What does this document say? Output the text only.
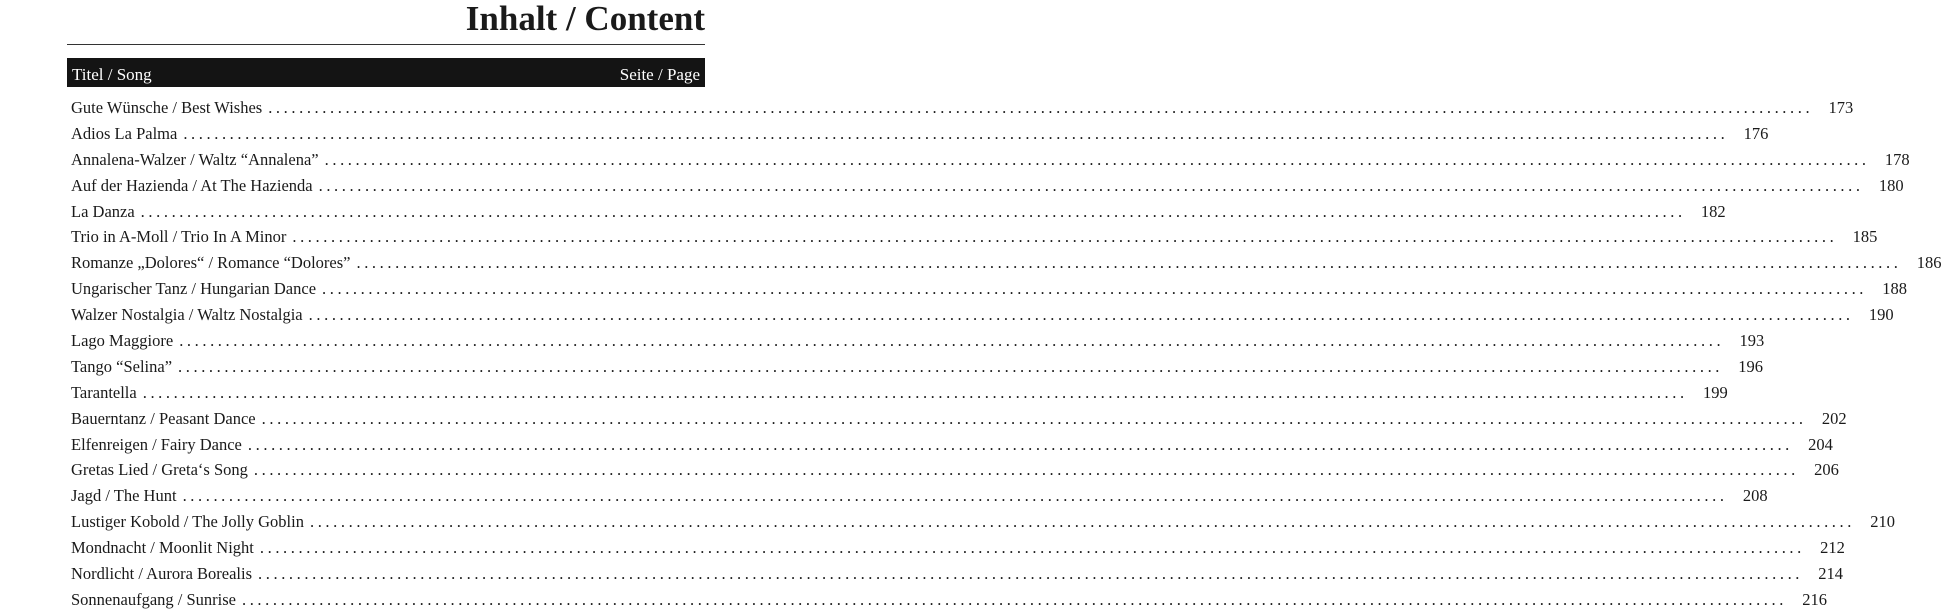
Inhalt / Content
Titel / Song	Seite / Page
Gute Wünsche / Best Wishes ........................................................................................................................................................................................................ 173
Adios La Palma ........................................................................................................................................................................................................ 176
Annalena-Walzer / Waltz “Annalena” ........................................................................................................................................................................................................ 178
Auf der Hazienda / At The Hazienda ........................................................................................................................................................................................................ 180
La Danza ........................................................................................................................................................................................................ 182
Trio in A-Moll / Trio In A Minor ........................................................................................................................................................................................................ 185
Romanze „Dolores“ / Romance “Dolores” ........................................................................................................................................................................................................ 186
Ungarischer Tanz / Hungarian Dance ........................................................................................................................................................................................................ 188
Walzer Nostalgia / Waltz Nostalgia ........................................................................................................................................................................................................ 190
Lago Maggiore ........................................................................................................................................................................................................ 193
Tango “Selina” ........................................................................................................................................................................................................ 196
Tarantella ........................................................................................................................................................................................................ 199
Bauerntanz / Peasant Dance ........................................................................................................................................................................................................ 202
Elfenreigen / Fairy Dance ........................................................................................................................................................................................................ 204
Gretas Lied / Greta‘s Song ........................................................................................................................................................................................................ 206
Jagd / The Hunt ........................................................................................................................................................................................................ 208
Lustiger Kobold / The Jolly Goblin ........................................................................................................................................................................................................ 210
Mondnacht / Moonlit Night ........................................................................................................................................................................................................ 212
Nordlicht / Aurora Borealis ........................................................................................................................................................................................................ 214
Sonnenaufgang / Sunrise ........................................................................................................................................................................................................ 216
